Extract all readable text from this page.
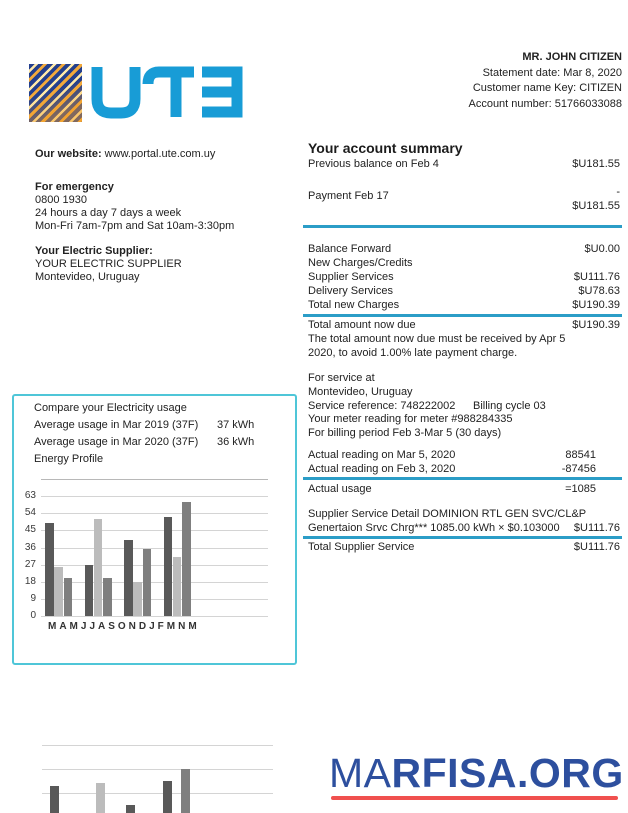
Our website: www.portal.ute.com.uy
For emergency
0800 1930
24 hours a day 7 days a week
Mon-Fri 7am-7pm and Sat 10am-3:30pm
Your Electric Supplier:
YOUR ELECTRIC SUPPLIER
Montevideo, Uruguay
MR. JOHN CITIZEN
Statement date: Mar 8, 2020
Customer name Key: CITIZEN
Account number: 51766033088
Your account summary
Previous balance on Feb 4	$U181.55
Payment Feb 17	-
$U181.55
Balance Forward	$U0.00
New Charges/Credits
Supplier Services	$U111.76
Delivery Services	$U78.63
Total new Charges	$U190.39
Total amount now due	$U190.39
The total amount now due must be received by Apr 5
2020, to avoid 1.00% late payment charge.
For service at
Montevideo, Uruguay
Service reference: 748222002 Billing cycle 03
Your meter reading for meter #988284335
For billing period Feb 3-Mar 5 (30 days)
Actual reading on Mar 5, 2020	88541
Actual reading on Feb 3, 2020	-87456
Actual usage	=1085
Supplier Service Detail DOMINION RTL GEN SVC/CL&P
Genertaion Srvc Chrg*** 1085.00 kWh × $0.103000 $U111.76
Total Supplier Service	$U111.76
Compare your Electricity usage
Average usage in Mar 2019 (37F) 37 kWh
Average usage in Mar 2020 (37F) 36 kWh
Energy Profile
0
9
18
27
36
45
54
63
MAMJJASONDJFMNM
MARFISA.ORG
